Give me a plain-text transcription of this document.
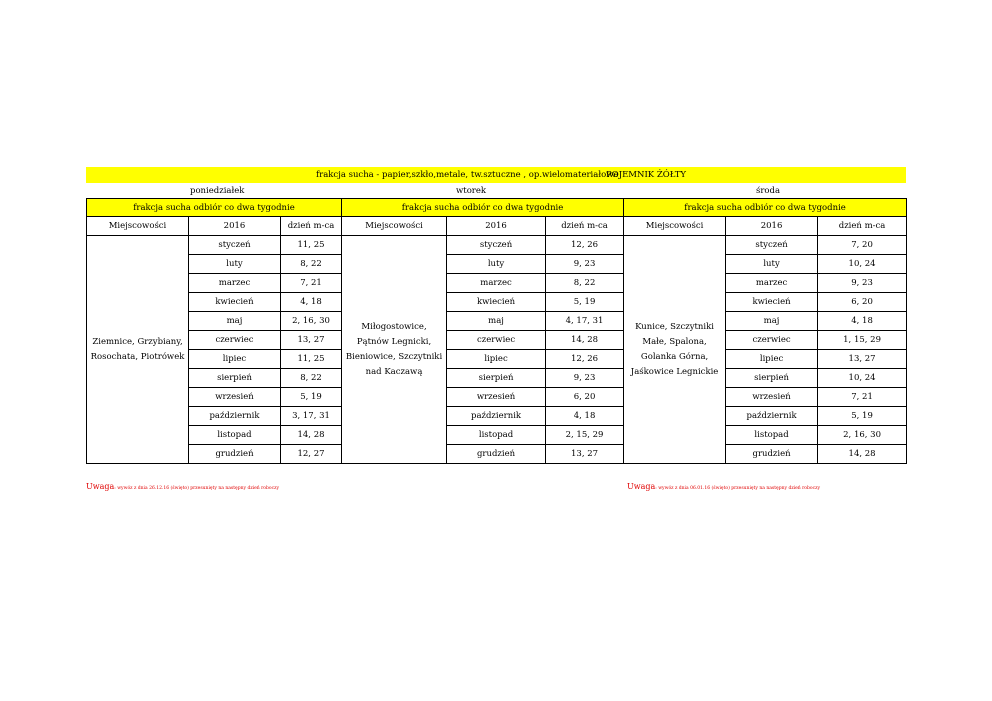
frakcja sucha - papier,szkło,metale, tw.sztuczne , op.wielomateriałowe
POJEMNIK ŻÓŁTY
poniedziałek	wtorek	środa
frakcja sucha odbiór co dwa tygodnie			frakcja sucha odbiór co dwa tygodnie			frakcja sucha odbiór co dwa tygodnie		
Miejscowości	2016	dzień m-ca	Miejscowości	2016	dzień m-ca	Miejscowości	2016	dzień m-ca
Ziemnice, Grzybiany, Rosochata, Piotrówek	styczeń	11, 25	Miłogostowice, Pątnów Legnicki, Bieniowice, Szczytniki nad Kaczawą	styczeń	12, 26	Kunice, Szczytniki Małe, Spalona, Golanka Górna, Jaśkowice Legnickie	styczeń	7, 20
	luty	8, 22		luty	9, 23		luty	10, 24
	marzec	7, 21		marzec	8, 22		marzec	9, 23
	kwiecień	4, 18		kwiecień	5, 19		kwiecień	6, 20
	maj	2, 16, 30		maj	4, 17, 31		maj	4, 18
	czerwiec	13, 27		czerwiec	14, 28		czerwiec	1, 15, 29
	lipiec	11, 25		lipiec	12, 26		lipiec	13, 27
	sierpień	8, 22		sierpień	9, 23		sierpień	10, 24
	wrzesień	5, 19		wrzesień	6, 20		wrzesień	7, 21
	październik	3, 17, 31		październik	4, 18		październik	5, 19
	listopad	14, 28		listopad	2, 15, 29		listopad	2, 16, 30
	grudzień	12, 27		grudzień	13, 27		grudzień	14, 28
Uwaga: wywóz z dnia 26.12.16 (święto) przesunięty na następny dzień roboczy	Uwaga: wywóz z dnia 06.01.16 (święto) przesunięty na następny dzień roboczy
